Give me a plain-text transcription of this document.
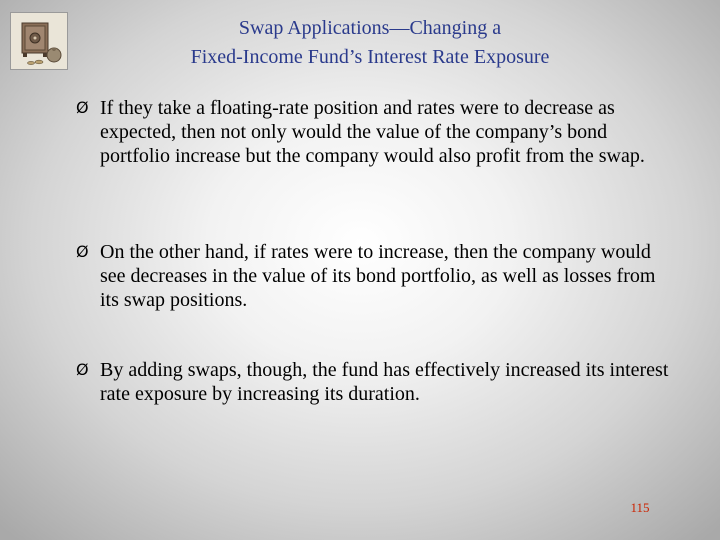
Swap Applications—Changing a
Fixed-Income Fund’s Interest Rate Exposure
Ø If they take a floating-rate position and rates were to decrease as expected, then not only would the value of the company’s bond portfolio increase but the company would also profit from the swap.
Ø On the other hand, if rates were to increase, then the company would see decreases in the value of its bond portfolio, as well as losses from its swap positions.
Ø By adding swaps, though, the fund has effectively increased its interest rate exposure by increasing its duration.
115
